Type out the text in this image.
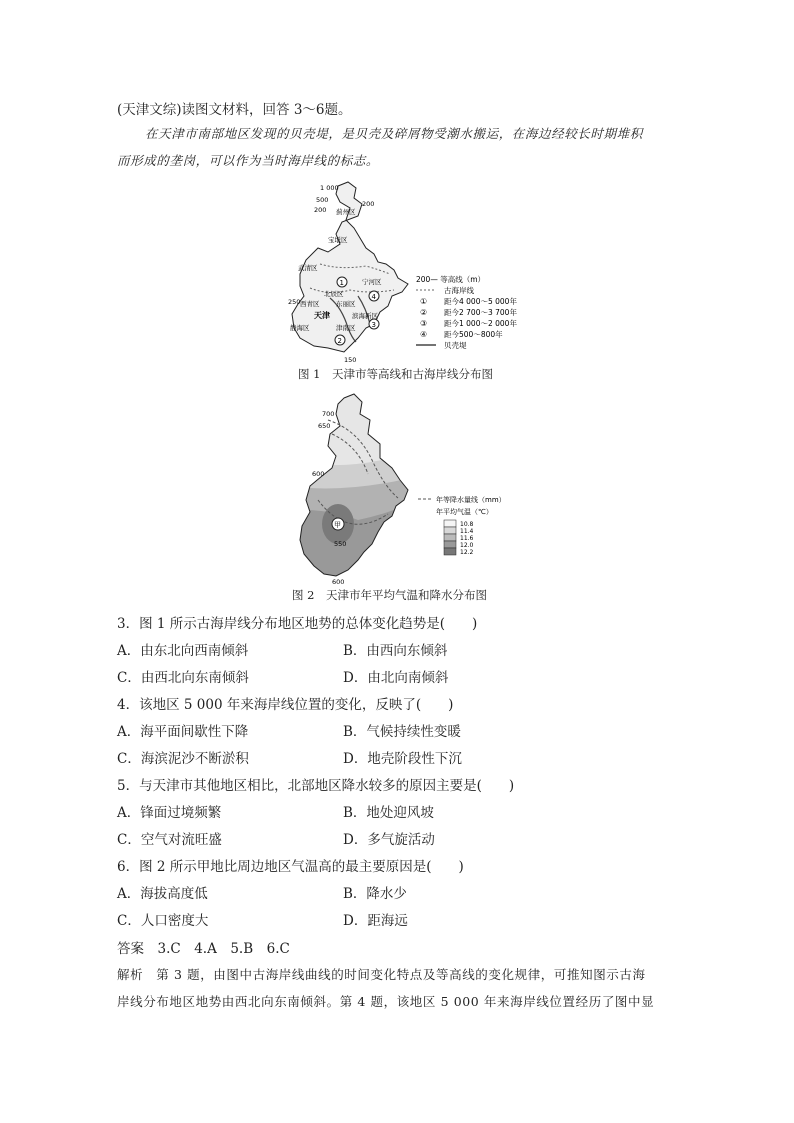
(天津文综)读图文材料，回答 3～6题。
在天津市南部地区发现的贝壳堤，是贝壳及碎屑物受潮水搬运，在海边经较长时期堆积
而形成的垄岗，可以作为当时海岸线的标志。
1
2
3
4
1 000
500
200
200
蓟州区
宝坻区
武清区
宁河区
北辰区
东丽区
天津
静海区	津南区
滨海新区
250
150
西青区
200— 等高线（m）
古海岸线
① 距今4 000～5 000年
② 距今2 700～3 700年
③ 距今1 000～2 000年
④ 距今500～800年
贝壳堤
图 1　天津市等高线和古海岸线分布图
700
650
600
550
600
甲
年等降水量线（mm）
年平均气温（℃）
10.8
11.4
11.6
12.0
12.2
图 2　天津市年平均气温和降水分布图
3．图 1 所示古海岸线分布地区地势的总体变化趋势是(　　)
A．由东北向西南倾斜	B．由西向东倾斜
C．由西北向东南倾斜	D．由北向南倾斜
4．该地区 5 000 年来海岸线位置的变化，反映了(　　)
A．海平面间歇性下降	B．气候持续性变暖
C．海滨泥沙不断淤积	D．地壳阶段性下沉
5．与天津市其他地区相比，北部地区降水较多的原因主要是(　　)
A．锋面过境频繁	B．地处迎风坡
C．空气对流旺盛	D．多气旋活动
6．图 2 所示甲地比周边地区气温高的最主要原因是(　　)
A．海拔高度低	B．降水少
C．人口密度大	D．距海远
答案　3.C　4.A　5.B　6.C
解析　第 3 题，由图中古海岸线曲线的时间变化特点及等高线的变化规律，可推知图示古海
岸线分布地区地势由西北向东南倾斜。第 4 题，该地区 5 000 年来海岸线位置经历了图中显
